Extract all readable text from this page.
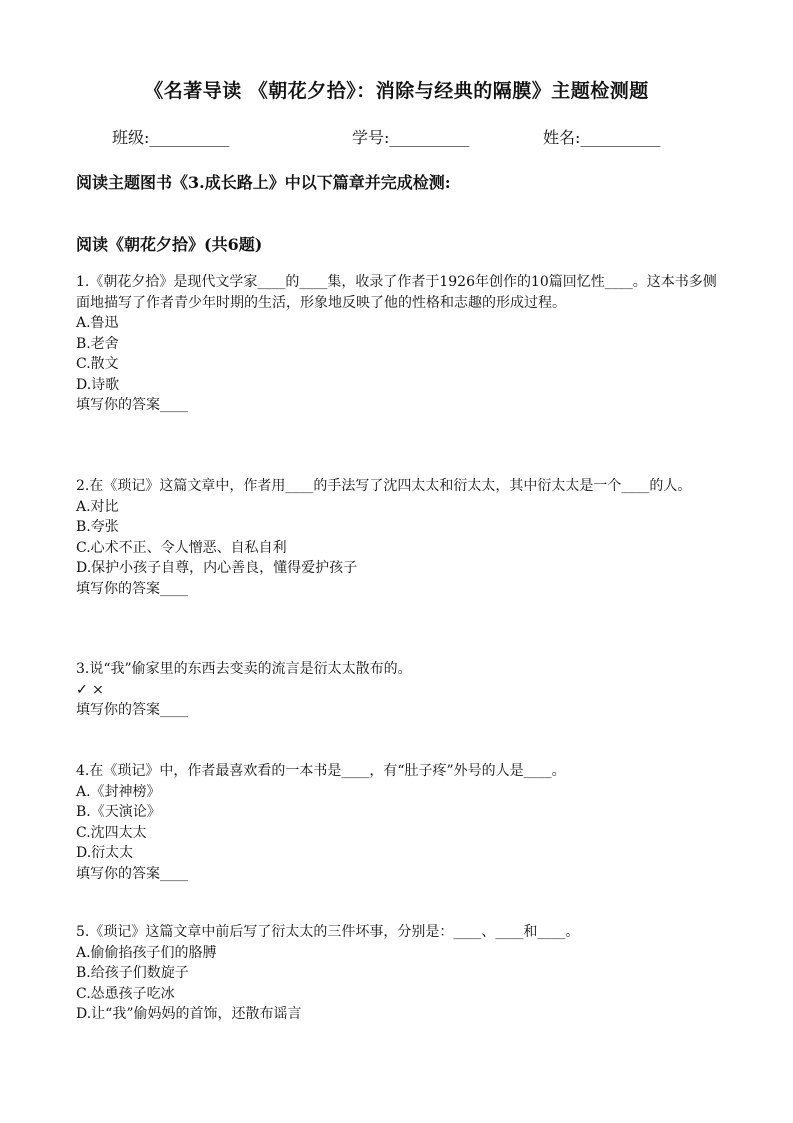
《名著导读 《朝花夕拾》：消除与经典的隔膜》主题检测题
班级:__________	学号:__________	姓名:__________
阅读主题图书《3.成长路上》中以下篇章并完成检测:
阅读《朝花夕拾》(共6题)

1.《朝花夕拾》是现代文学家____的____集，收录了作者于1926年创作的10篇回忆性____。这本书多侧面地描写了作者青少年时期的生活，形象地反映了他的性格和志趣的形成过程。

A.鲁迅

B.老舍

C.散文

D.诗歌

填写你的答案____

2.在《琐记》这篇文章中，作者用____的手法写了沈四太太和衍太太，其中衍太太是一个____的人。

A.对比

B.夸张

C.心术不正、令人憎恶、自私自利

D.保护小孩子自尊，内心善良，懂得爱护孩子

填写你的答案____

3.说“我”偷家里的东西去变卖的流言是衍太太散布的。

✓ ×

填写你的答案____

4.在《琐记》中，作者最喜欢看的一本书是____，有“肚子疼”外号的人是____。

A.《封神榜》

B.《天演论》

C.沈四太太

D.衍太太

填写你的答案____

5.《琐记》这篇文章中前后写了衍太太的三件坏事，分别是：____、____和____。

A.偷偷掐孩子们的胳膊

B.给孩子们数旋子

C.怂恿孩子吃冰

D.让“我”偷妈妈的首饰，还散布谣言
